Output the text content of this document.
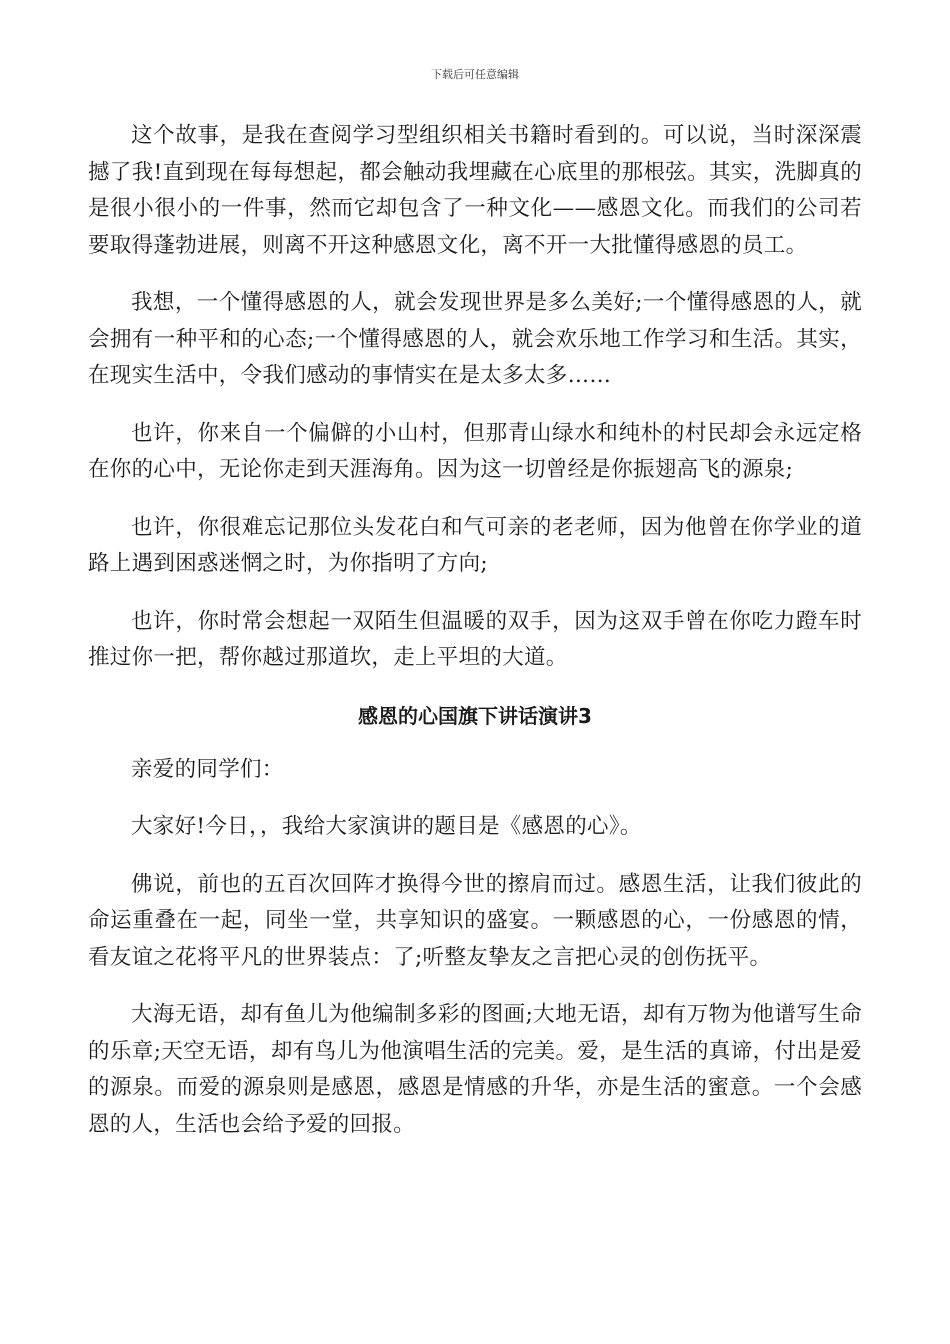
下载后可任意编辑

这个故事，是我在查阅学习型组织相关书籍时看到的。可以说，当时深深震撼了我!直到现在每每想起，都会触动我埋藏在心底里的那根弦。其实，洗脚真的是很小很小的一件事，然而它却包含了一种文化——感恩文化。而我们的公司若要取得蓬勃进展，则离不开这种感恩文化，离不开一大批懂得感恩的员工。

我想，一个懂得感恩的人，就会发现世界是多么美好;一个懂得感恩的人，就会拥有一种平和的心态;一个懂得感恩的人，就会欢乐地工作学习和生活。其实，在现实生活中，令我们感动的事情实在是太多太多……

也许，你来自一个偏僻的小山村，但那青山绿水和纯朴的村民却会永远定格在你的心中，无论你走到天涯海角。因为这一切曾经是你振翅高飞的源泉;

也许，你很难忘记那位头发花白和气可亲的老老师，因为他曾在你学业的道路上遇到困惑迷惘之时，为你指明了方向;

也许，你时常会想起一双陌生但温暖的双手，因为这双手曾在你吃力蹬车时推过你一把，帮你越过那道坎，走上平坦的大道。

感恩的心国旗下讲话演讲3

亲爱的同学们：

大家好!今日，，我给大家演讲的题目是《感恩的心》。

佛说，前也的五百次回阵才换得今世的擦肩而过。感恩生活，让我们彼此的命运重叠在一起，同坐一堂，共享知识的盛宴。一颗感恩的心，一份感恩的情，看友谊之花将平凡的世界装点：了;听整友挚友之言把心灵的创伤抚平。

大海无语，却有鱼儿为他编制多彩的图画;大地无语，却有万物为他谱写生命的乐章;天空无语，却有鸟儿为他演唱生活的完美。爱，是生活的真谛，付出是爱的源泉。而爱的源泉则是感恩，感恩是情感的升华，亦是生活的蜜意。一个会感恩的人，生活也会给予爱的回报。
